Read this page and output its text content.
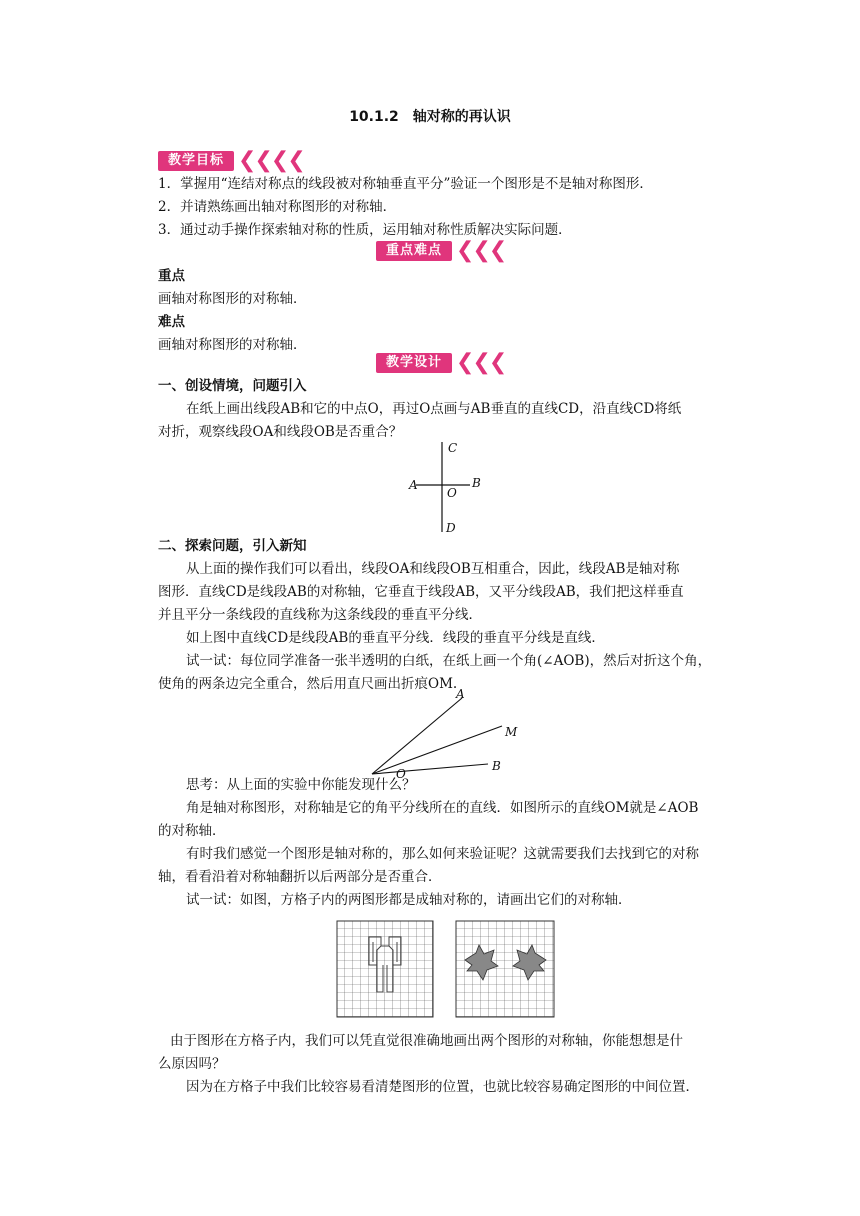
10.1.2　轴对称的再认识
教学目标 ❮❮❮❮
1．掌握用“连结对称点的线段被对称轴垂直平分”验证一个图形是不是轴对称图形．
2．并请熟练画出轴对称图形的对称轴．
3．通过动手操作探索轴对称的性质，运用轴对称性质解决实际问题．
重点难点 ❮❮❮
重点
画轴对称图形的对称轴．
难点
画轴对称图形的对称轴．
教学设计 ❮❮❮
一、创设情境，问题引入
在纸上画出线段AB和它的中点O，再过O点画与AB垂直的直线CD，沿直线CD将纸
对折，观察线段OA和线段OB是否重合？
C
A
O
B
D
二、探索问题，引入新知
从上面的操作我们可以看出，线段OA和线段OB互相重合，因此，线段AB是轴对称
图形．直线CD是线段AB的对称轴，它垂直于线段AB，又平分线段AB，我们把这样垂直
并且平分一条线段的直线称为这条线段的垂直平分线．
如上图中直线CD是线段AB的垂直平分线．线段的垂直平分线是直线．
试一试：每位同学准备一张半透明的白纸，在纸上画一个角(∠AOB)，然后对折这个角，
使角的两条边完全重合，然后用直尺画出折痕OM.
A
M
O
B
思考：从上面的实验中你能发现什么？
角是轴对称图形，对称轴是它的角平分线所在的直线．如图所示的直线OM就是∠AOB
的对称轴．
有时我们感觉一个图形是轴对称的，那么如何来验证呢？这就需要我们去找到它的对称
轴，看看沿着对称轴翻折以后两部分是否重合．
试一试：如图，方格子内的两图形都是成轴对称的，请画出它们的对称轴．
由于图形在方格子内，我们可以凭直觉很准确地画出两个图形的对称轴，你能想想是什
么原因吗？
因为在方格子中我们比较容易看清楚图形的位置，也就比较容易确定图形的中间位置．
